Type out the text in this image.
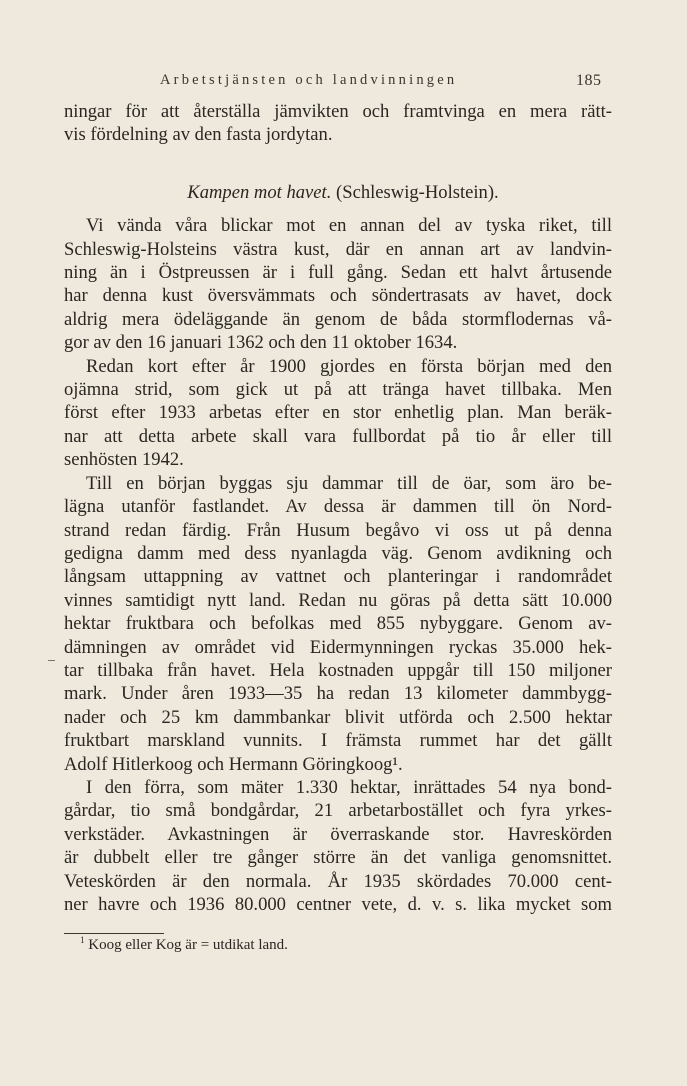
Arbetstjänsten och landvinningen	185

ningar för att återställa jämvikten och framtvinga en mera rätt-
vis fördelning av den fasta jordytan.

Kampen mot havet. (Schleswig-Holstein).

Vi vända våra blickar mot en annan del av tyska riket, till
Schleswig-Holsteins västra kust, där en annan art av landvin-
ning än i Östpreussen är i full gång. Sedan ett halvt årtusende
har denna kust översvämmats och söndertrasats av havet, dock
aldrig mera ödeläggande än genom de båda stormflodernas vå-
gor av den 16 januari 1362 och den 11 oktober 1634.

Redan kort efter år 1900 gjordes en första början med den
ojämna strid, som gick ut på att tränga havet tillbaka. Men
först efter 1933 arbetas efter en stor enhetlig plan. Man beräk-
nar att detta arbete skall vara fullbordat på tio år eller till
senhösten 1942.

Till en början byggas sju dammar till de öar, som äro be-
lägna utanför fastlandet. Av dessa är dammen till ön Nord-
strand redan färdig. Från Husum begåvo vi oss ut på denna
gedigna damm med dess nyanlagda väg. Genom avdikning och
långsam uttappning av vattnet och planteringar i randområdet
vinnes samtidigt nytt land. Redan nu göras på detta sätt 10.000
hektar fruktbara och befolkas med 855 nybyggare. Genom av-
dämningen av området vid Eidermynningen ryckas 35.000 hek-
tar tillbaka från havet. Hela kostnaden uppgår till 150 miljoner
mark. Under åren 1933—35 ha redan 13 kilometer dammbygg-
nader och 25 km dammbankar blivit utförda och 2.500 hektar
fruktbart marskland vunnits. I främsta rummet har det gällt
Adolf Hitlerkoog och Hermann Göringkoog¹.

I den förra, som mäter 1.330 hektar, inrättades 54 nya bond-
gårdar, tio små bondgårdar, 21 arbetarbostället och fyra yrkes-
verkstäder. Avkastningen är överraskande stor. Havreskörden
är dubbelt eller tre gånger större än det vanliga genomsnittet.
Veteskörden är den normala. År 1935 skördades 70.000 cent-
ner havre och 1936 80.000 centner vete, d. v. s. lika mycket som

$^1$ Koog eller Kog är = utdikat land.
